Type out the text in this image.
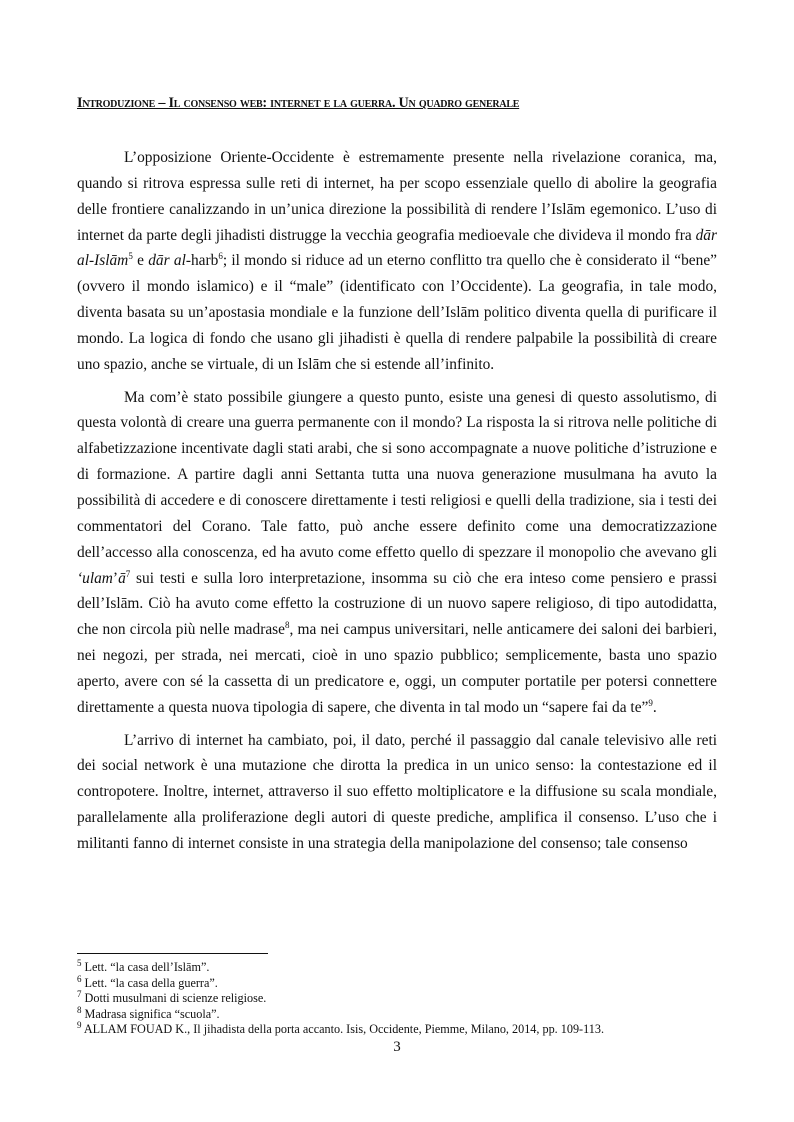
Introduzione – Il consenso web: internet e la guerra. Un quadro generale

L’opposizione Oriente-Occidente è estremamente presente nella rivelazione coranica, ma, quando si ritrova espressa sulle reti di internet, ha per scopo essenziale quello di abolire la geografia delle frontiere canalizzando in un’unica direzione la possibilità di rendere l’Islām egemonico. L’uso di internet da parte degli jihadisti distrugge la vecchia geografia medioevale che divideva il mondo fra dār al-Islām$^5$ e dār al-harb$^6$; il mondo si riduce ad un eterno conflitto tra quello che è considerato il “bene” (ovvero il mondo islamico) e il “male” (identificato con l’Occidente). La geografia, in tale modo, diventa basata su un’apostasia mondiale e la funzione dell’Islām politico diventa quella di purificare il mondo. La logica di fondo che usano gli jihadisti è quella di rendere palpabile la possibilità di creare uno spazio, anche se virtuale, di un Islām che si estende all’infinito.

Ma com’è stato possibile giungere a questo punto, esiste una genesi di questo assolutismo, di questa volontà di creare una guerra permanente con il mondo? La risposta la si ritrova nelle politiche di alfabetizzazione incentivate dagli stati arabi, che si sono accompagnate a nuove politiche d’istruzione e di formazione. A partire dagli anni Settanta tutta una nuova generazione musulmana ha avuto la possibilità di accedere e di conoscere direttamente i testi religiosi e quelli della tradizione, sia i testi dei commentatori del Corano. Tale fatto, può anche essere definito come una democratizzazione dell’accesso alla conoscenza, ed ha avuto come effetto quello di spezzare il monopolio che avevano gli ‘$ulam’ā^7$ sui testi e sulla loro interpretazione, insomma su ciò che era inteso come pensiero e prassi dell’Islām. Ciò ha avuto come effetto la costruzione di un nuovo sapere religioso, di tipo autodidatta, che non circola più nelle madrase$^8$, ma nei campus universitari, nelle anticamere dei saloni dei barbieri, nei negozi, per strada, nei mercati, cioè in uno spazio pubblico; semplicemente, basta uno spazio aperto, avere con sé la cassetta di un predicatore e, oggi, un computer portatile per potersi connettere direttamente a questa nuova tipologia di sapere, che diventa in tal modo un “sapere fai da te”$^9$.

L’arrivo di internet ha cambiato, poi, il dato, perché il passaggio dal canale televisivo alle reti dei social network è una mutazione che dirotta la predica in un unico senso: la contestazione ed il contropotere. Inoltre, internet, attraverso il suo effetto moltiplicatore e la diffusione su scala mondiale, parallelamente alla proliferazione degli autori di queste prediche, amplifica il consenso. L’uso che i militanti fanno di internet consiste in una strategia della manipolazione del consenso; tale consenso

$^5$ Lett. “la casa dell’Islām”.
$^6$ Lett. “la casa della guerra”.
$^7$ Dotti musulmani di scienze religiose.
$^8$ Madrasa significa “scuola”.
$^9$ ALLAM FOUAD K., Il jihadista della porta accanto. Isis, Occidente, Piemme, Milano, 2014, pp. 109-113.
3
